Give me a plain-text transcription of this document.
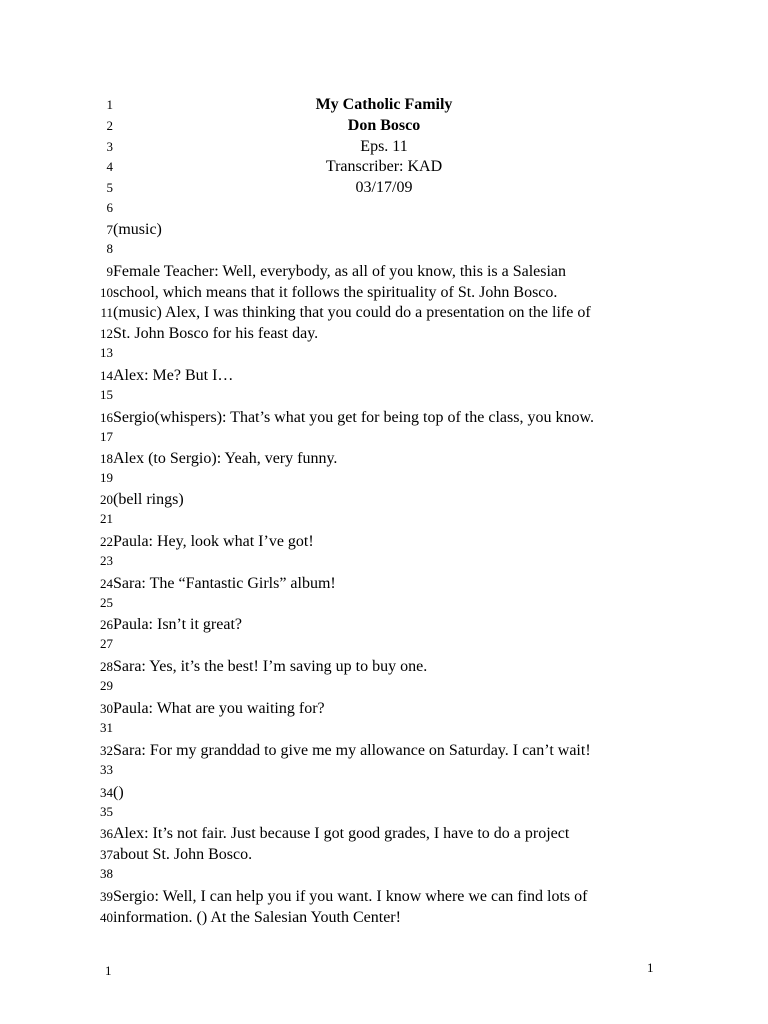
1	My Catholic Family
2	Don Bosco
3	Eps. 11
4	Transcriber: KAD
5	03/17/09
6
7 (music)
8
9 Female Teacher: Well, everybody, as all of you know, this is a Salesian
10 school, which means that it follows the spirituality of St. John Bosco.
11 (music) Alex, I was thinking that you could do a presentation on the life of
12 St. John Bosco for his feast day.
13
14 Alex: Me? But I…
15
16 Sergio(whispers): That’s what you get for being top of the class, you know.
17
18 Alex (to Sergio): Yeah, very funny.
19
20 (bell rings)
21
22 Paula: Hey, look what I’ve got!
23
24 Sara: The “Fantastic Girls” album!
25
26 Paula: Isn’t it great?
27
28 Sara: Yes, it’s the best! I’m saving up to buy one.
29
30 Paula: What are you waiting for?
31
32 Sara: For my granddad to give me my allowance on Saturday. I can’t wait!
33
34 ()
35
36 Alex: It’s not fair. Just because I got good grades, I have to do a project
37 about St. John Bosco.
38
39 Sergio: Well, I can help you if you want. I know where we can find lots of
40 information. () At the Salesian Youth Center!
1	1
